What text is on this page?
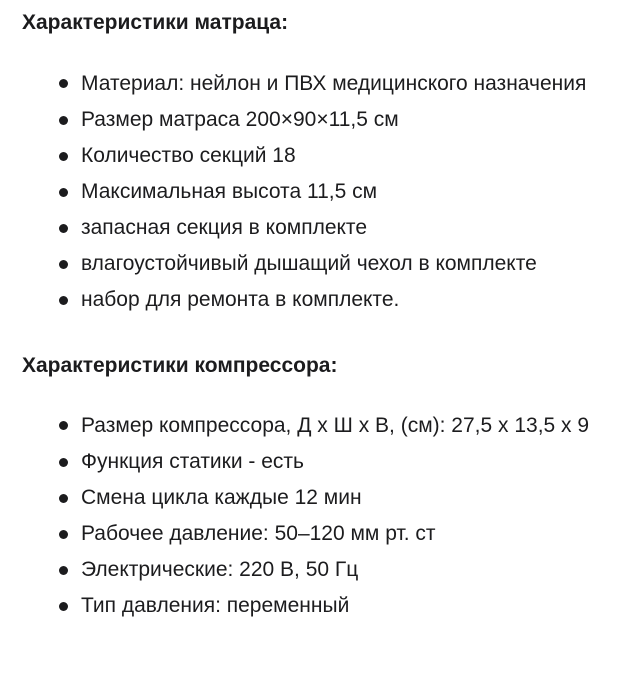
Характеристики матраца:
Материал: нейлон и ПВХ медицинского назначения
Размер матраса 200×90×11,5 см
Количество секций 18
Максимальная высота 11,5 см
запасная секция в комплекте
влагоустойчивый дышащий чехол в комплекте
набор для ремонта в комплекте.
Характеристики компрессора:
Размер компрессора, Д х Ш х В, (см): 27,5 х 13,5 х 9
Функция статики - есть
Смена цикла каждые 12 мин
Рабочее давление: 50–120 мм рт. ст
Электрические: 220 В, 50 Гц
Тип давления: переменный
